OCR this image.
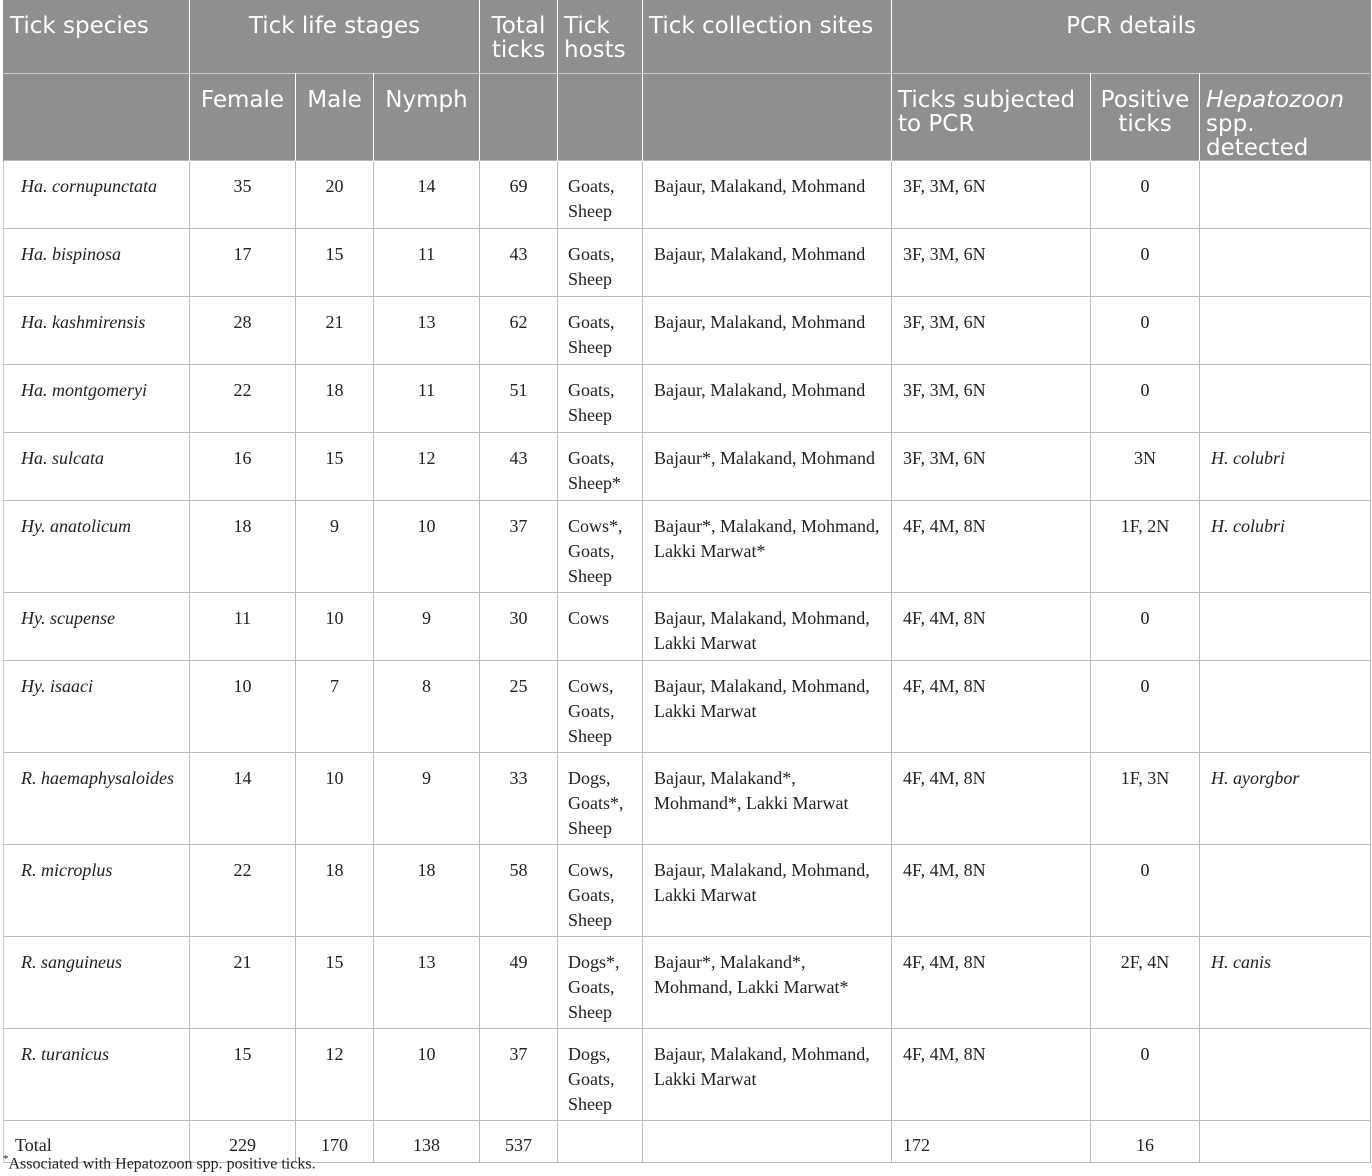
Tick species	Tick life stages			Total ticks	Tick hosts	Tick collection sites	PCR details		
	Female	Male	Nymph				Ticks subjected to PCR	Positive ticks	Hepatozoon spp. detected
Ha. cornupunctata	35	20	14	69	Goats, Sheep	Bajaur, Malakand, Mohmand	3F, 3M, 6N	0	
Ha. bispinosa	17	15	11	43	Goats, Sheep	Bajaur, Malakand, Mohmand	3F, 3M, 6N	0	
Ha. kashmirensis	28	21	13	62	Goats, Sheep	Bajaur, Malakand, Mohmand	3F, 3M, 6N	0	
Ha. montgomeryi	22	18	11	51	Goats, Sheep	Bajaur, Malakand, Mohmand	3F, 3M, 6N	0	
Ha. sulcata	16	15	12	43	Goats, Sheep*	Bajaur*, Malakand, Mohmand	3F, 3M, 6N	3N	H. colubri
Hy. anatolicum	18	9	10	37	Cows*, Goats, Sheep	Bajaur*, Malakand, Mohmand, Lakki Marwat*	4F, 4M, 8N	1F, 2N	H. colubri
Hy. scupense	11	10	9	30	Cows	Bajaur, Malakand, Mohmand, Lakki Marwat	4F, 4M, 8N	0	
Hy. isaaci	10	7	8	25	Cows, Goats, Sheep	Bajaur, Malakand, Mohmand, Lakki Marwat	4F, 4M, 8N	0	
R. haemaphysaloides	14	10	9	33	Dogs, Goats*, Sheep	Bajaur, Malakand*, Mohmand*, Lakki Marwat	4F, 4M, 8N	1F, 3N	H. ayorgbor
R. microplus	22	18	18	58	Cows, Goats, Sheep	Bajaur, Malakand, Mohmand, Lakki Marwat	4F, 4M, 8N	0	
R. sanguineus	21	15	13	49	Dogs*, Goats, Sheep	Bajaur*, Malakand*, Mohmand, Lakki Marwat*	4F, 4M, 8N	2F, 4N	H. canis
R. turanicus	15	12	10	37	Dogs, Goats, Sheep	Bajaur, Malakand, Mohmand, Lakki Marwat	4F, 4M, 8N	0	
Total	229	170	138	537			172	16	

*Associated with Hepatozoon spp. positive ticks.
